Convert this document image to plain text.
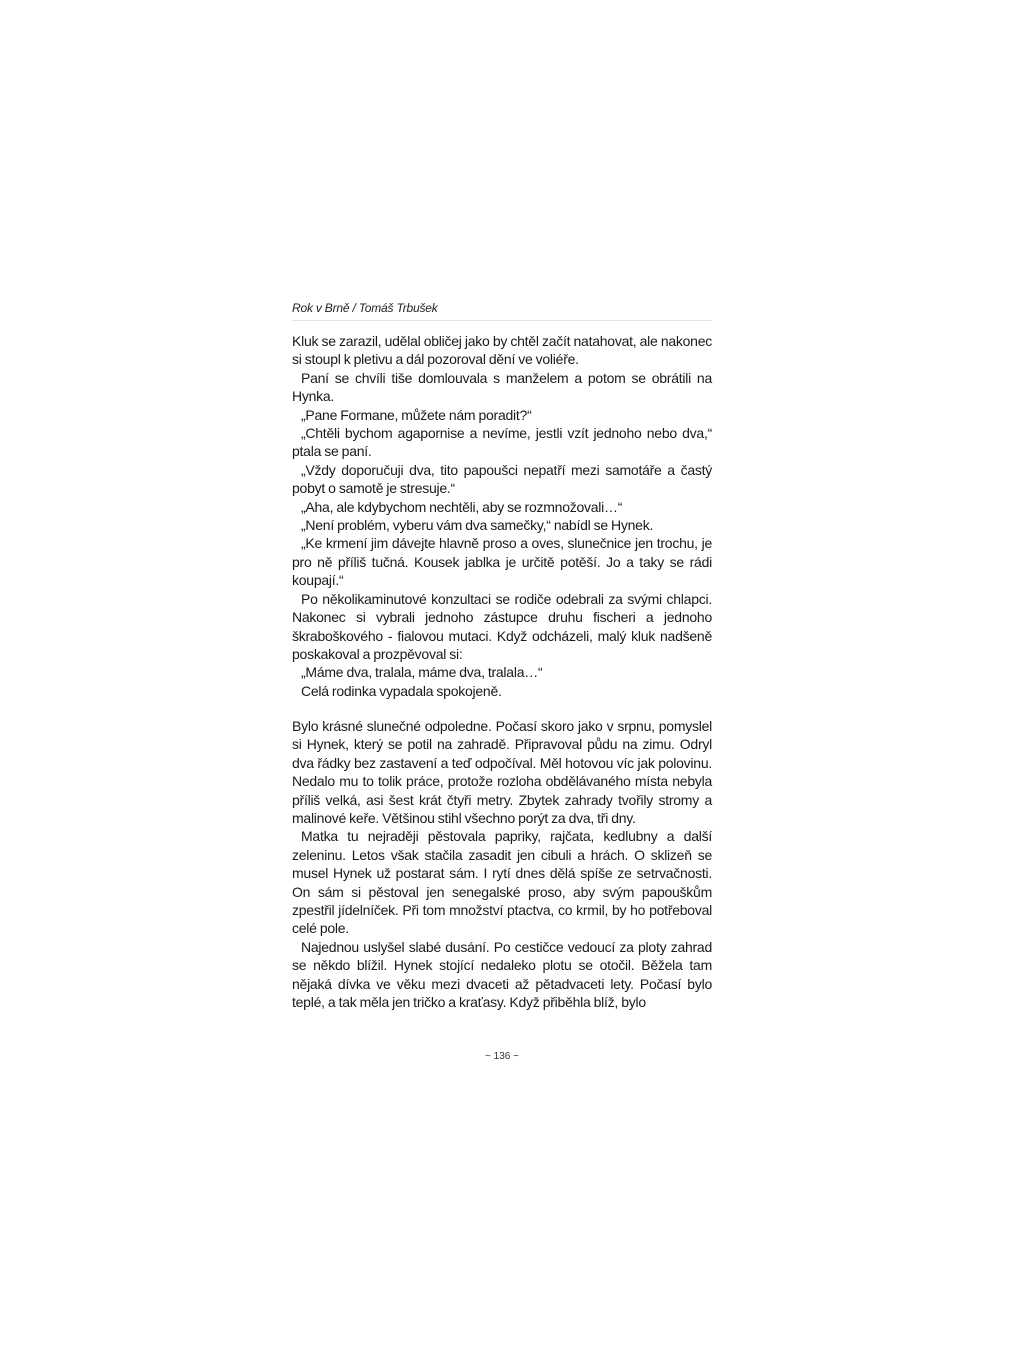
Rok v Brně / Tomáš Trbušek

Kluk se zarazil, udělal obličej jako by chtěl začít natahovat, ale nakonec si stoupl k pletivu a dál pozoroval dění ve voliéře.

Paní se chvíli tiše domlouvala s manželem a potom se obrátili na Hynka.

„Pane Formane, můžete nám poradit?“

„Chtěli bychom agapornise a nevíme, jestli vzít jednoho nebo dva,“ ptala se paní.

„Vždy doporučuji dva, tito papoušci nepatří mezi samotáře a častý pobyt o samotě je stresuje.“

„Aha, ale kdybychom nechtěli, aby se rozmnožovali…“

„Není problém, vyberu vám dva samečky,“ nabídl se Hynek.

„Ke krmení jim dávejte hlavně proso a oves, slunečnice jen trochu, je pro ně příliš tučná. Kousek jablka je určitě potěší. Jo a taky se rádi koupají.“

Po několikaminutové konzultaci se rodiče odebrali za svými chlapci. Nakonec si vybrali jednoho zástupce druhu fischeri a jednoho škraboškového - fialovou mutaci. Když odcházeli, malý kluk nadšeně poskakoval a prozpěvoval si:

„Máme dva, tralala, máme dva, tralala…“

Celá rodinka vypadala spokojeně.

Bylo krásné slunečné odpoledne. Počasí skoro jako v srpnu, pomyslel si Hynek, který se potil na zahradě. Připravoval půdu na zimu. Odryl dva řádky bez zastavení a teď odpočíval. Měl hotovou víc jak polovinu. Nedalo mu to tolik práce, protože rozloha obdělávaného místa nebyla příliš velká, asi šest krát čtyři metry. Zbytek zahrady tvořily stromy a malinové keře. Většinou stihl všechno porýt za dva, tři dny.

Matka tu nejraději pěstovala papriky, rajčata, kedlubny a další zeleninu. Letos však stačila zasadit jen cibuli a hrách. O sklizeň se musel Hynek už postarat sám. I rytí dnes dělá spíše ze setrvačnosti. On sám si pěstoval jen senegalské proso, aby svým papouškům zpestřil jídelníček. Při tom množství ptactva, co krmil, by ho potřeboval celé pole.

Najednou uslyšel slabé dusání. Po cestičce vedoucí za ploty zahrad se někdo blížil. Hynek stojící nedaleko plotu se otočil. Běžela tam nějaká dívka ve věku mezi dvaceti až pětadvaceti lety. Počasí bylo teplé, a tak měla jen tričko a kraťasy. Když přiběhla blíž, bylo

~ 136 ~
